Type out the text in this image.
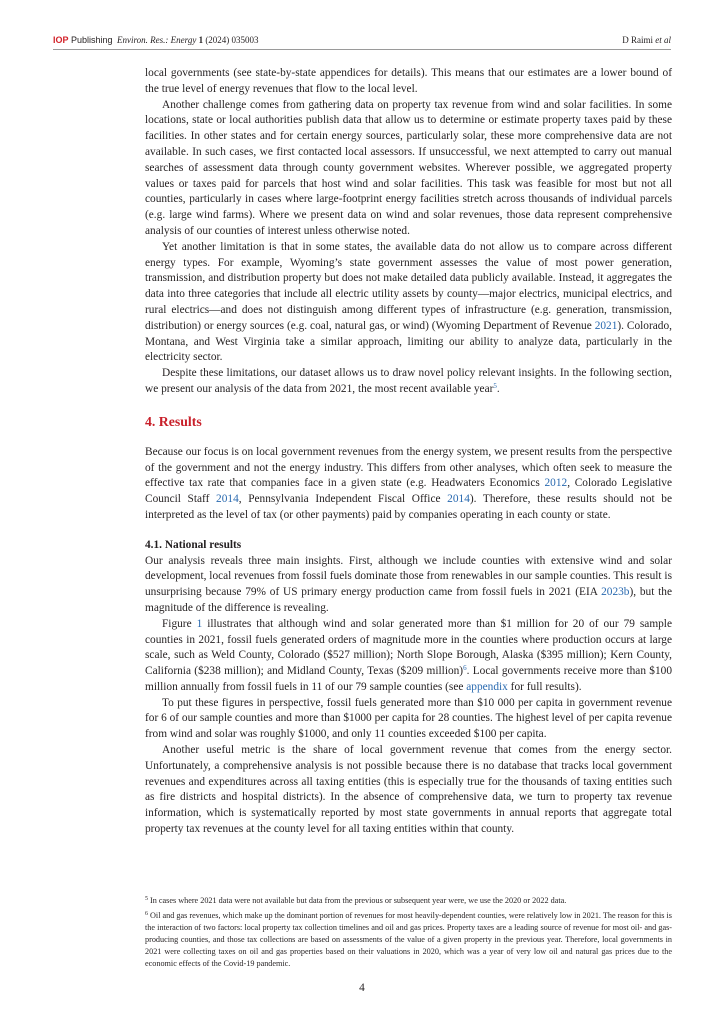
IOP Publishing Environ. Res.: Energy 1 (2024) 035003	D Raimi et al

local governments (see state-by-state appendices for details). This means that our estimates are a lower bound of the true level of energy revenues that flow to the local level.

Another challenge comes from gathering data on property tax revenue from wind and solar facilities. In some locations, state or local authorities publish data that allow us to determine or estimate property taxes paid by these facilities. In other states and for certain energy sources, particularly solar, these more comprehensive data are not available. In such cases, we first contacted local assessors. If unsuccessful, we next attempted to carry out manual searches of assessment data through county government websites. Wherever possible, we aggregated property values or taxes paid for parcels that host wind and solar facilities. This task was feasible for most but not all counties, particularly in cases where large-footprint energy facilities stretch across thousands of individual parcels (e.g. large wind farms). Where we present data on wind and solar revenues, those data represent comprehensive analysis of our counties of interest unless otherwise noted.

Yet another limitation is that in some states, the available data do not allow us to compare across different energy types. For example, Wyoming’s state government assesses the value of most power generation, transmission, and distribution property but does not make detailed data publicly available. Instead, it aggregates the data into three categories that include all electric utility assets by county—major electrics, municipal electrics, and rural electrics—and does not distinguish among different types of infrastructure (e.g. generation, transmission, distribution) or energy sources (e.g. coal, natural gas, or wind) (Wyoming Department of Revenue 2021). Colorado, Montana, and West Virginia take a similar approach, limiting our ability to analyze data, particularly in the electricity sector.

Despite these limitations, our dataset allows us to draw novel policy relevant insights. In the following section, we present our analysis of the data from 2021, the most recent available year$^5$.

4. Results

Because our focus is on local government revenues from the energy system, we present results from the perspective of the government and not the energy industry. This differs from other analyses, which often seek to measure the effective tax rate that companies face in a given state (e.g. Headwaters Economics 2012, Colorado Legislative Council Staff 2014, Pennsylvania Independent Fiscal Office 2014). Therefore, these results should not be interpreted as the level of tax (or other payments) paid by companies operating in each county or state.

4.1. National results

Our analysis reveals three main insights. First, although we include counties with extensive wind and solar development, local revenues from fossil fuels dominate those from renewables in our sample counties. This result is unsurprising because 79% of US primary energy production came from fossil fuels in 2021 (EIA 2023b), but the magnitude of the difference is revealing.

Figure 1 illustrates that although wind and solar generated more than $1 million for 20 of our 79 sample counties in 2021, fossil fuels generated orders of magnitude more in the counties where production occurs at large scale, such as Weld County, Colorado ($527 million); North Slope Borough, Alaska ($395 million); Kern County, California ($238 million); and Midland County, Texas ($209 million)$^6$. Local governments receive more than $100 million annually from fossil fuels in 11 of our 79 sample counties (see appendix for full results).

To put these figures in perspective, fossil fuels generated more than $10 000 per capita in government revenue for 6 of our sample counties and more than $1000 per capita for 28 counties. The highest level of per capita revenue from wind and solar was roughly $1000, and only 11 counties exceeded $100 per capita.

Another useful metric is the share of local government revenue that comes from the energy sector. Unfortunately, a comprehensive analysis is not possible because there is no database that tracks local government revenues and expenditures across all taxing entities (this is especially true for the thousands of taxing entities such as fire districts and hospital districts). In the absence of comprehensive data, we turn to property tax revenue information, which is systematically reported by most state governments in annual reports that aggregate total property tax revenues at the county level for all taxing entities within that county.

$^5$ In cases where 2021 data were not available but data from the previous or subsequent year were, we use the 2020 or 2022 data.

$^6$ Oil and gas revenues, which make up the dominant portion of revenues for most heavily-dependent counties, were relatively low in 2021. The reason for this is the interaction of two factors: local property tax collection timelines and oil and gas prices. Property taxes are a leading source of revenue for most oil- and gas-producing counties, and those tax collections are based on assessments of the value of a given property in the previous year. Therefore, local governments in 2021 were collecting taxes on oil and gas properties based on their valuations in 2020, which was a year of very low oil and natural gas prices due to the economic effects of the Covid-19 pandemic.

4
